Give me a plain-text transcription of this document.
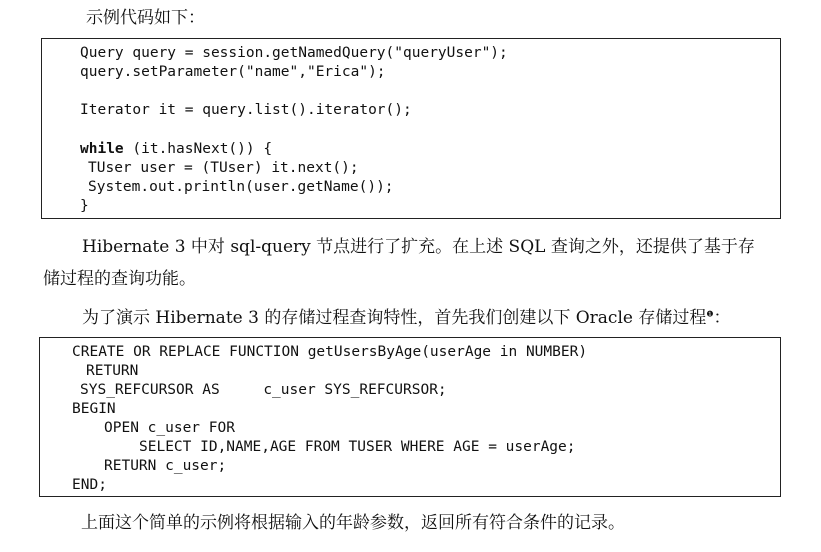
示例代码如下：

Query query = session.getNamedQuery("queryUser");
query.setParameter("name","Erica");
Iterator it = query.list().iterator();
while (it.hasNext()) {
TUser user = (TUser) it.next();
System.out.println(user.getName());
}

Hibernate 3 中对 sql-query 节点进行了扩充。在上述 SQL 查询之外，还提供了基于存

储过程的查询功能。

为了演示 Hibernate 3 的存储过程查询特性，首先我们创建以下 Oracle 存储过程$^❶$：

CREATE OR REPLACE FUNCTION getUsersByAge(userAge in NUMBER)
RETURN
SYS_REFCURSOR AS     c_user SYS_REFCURSOR;
BEGIN
OPEN c_user FOR
SELECT ID,NAME,AGE FROM TUSER WHERE AGE = userAge;
RETURN c_user;
END;

上面这个简单的示例将根据输入的年龄参数，返回所有符合条件的记录。
